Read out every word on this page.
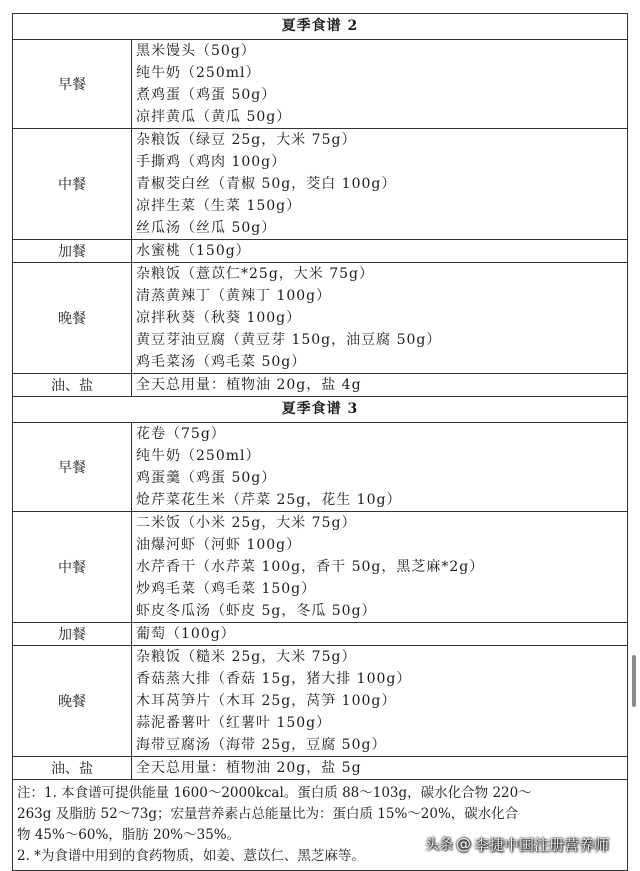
夏季食谱 2	
早餐	黑米馒头（50g）
纯牛奶（250ml）
煮鸡蛋（鸡蛋 50g）
凉拌黄瓜（黄瓜 50g）

中餐	杂粮饭（绿豆 25g，大米 75g）
手撕鸡（鸡肉 100g）
青椒茭白丝（青椒 50g，茭白 100g）
凉拌生菜（生菜 150g）
丝瓜汤（丝瓜 50g）

加餐	水蜜桃（150g）

晚餐	杂粮饭（薏苡仁*25g，大米 75g）
清蒸黄辣丁（黄辣丁 100g）
凉拌秋葵（秋葵 100g）
黄豆芽油豆腐（黄豆芽 150g，油豆腐 50g）
鸡毛菜汤（鸡毛菜 50g）

油、盐	全天总用量：植物油 20g，盐 4g

夏季食谱 3	
早餐	花卷（75g）
纯牛奶（250ml）
鸡蛋羹（鸡蛋 50g）
炝芹菜花生米（芹菜 25g，花生 10g）

中餐	二米饭（小米 25g，大米 75g）
油爆河虾（河虾 100g）
水芹香干（水芹菜 100g，香干 50g，黑芝麻*2g）
炒鸡毛菜（鸡毛菜 150g）
虾皮冬瓜汤（虾皮 5g，冬瓜 50g）

加餐	葡萄（100g）

晚餐	杂粮饭（糙米 25g，大米 75g）
香菇蒸大排（香菇 15g，猪大排 100g）
木耳莴笋片（木耳 25g，莴笋 100g）
蒜泥番薯叶（红薯叶 150g）
海带豆腐汤（海带 25g，豆腐 50g）

油、盐	全天总用量：植物油 20g，盐 5g

注：1. 本食谱可提供能量 1600～2000kcal。蛋白质 88～103g，碳水化合物 220～
263g 及脂肪 52～73g；宏量营养素占总能量比为：蛋白质 15%～20%，碳水化合
物 45%～60%，脂肪 20%～35%。
2. *为食谱中用到的食药物质，如姜、薏苡仁、黑芝麻等。	
头条 @ 李捷中国注册营养师
